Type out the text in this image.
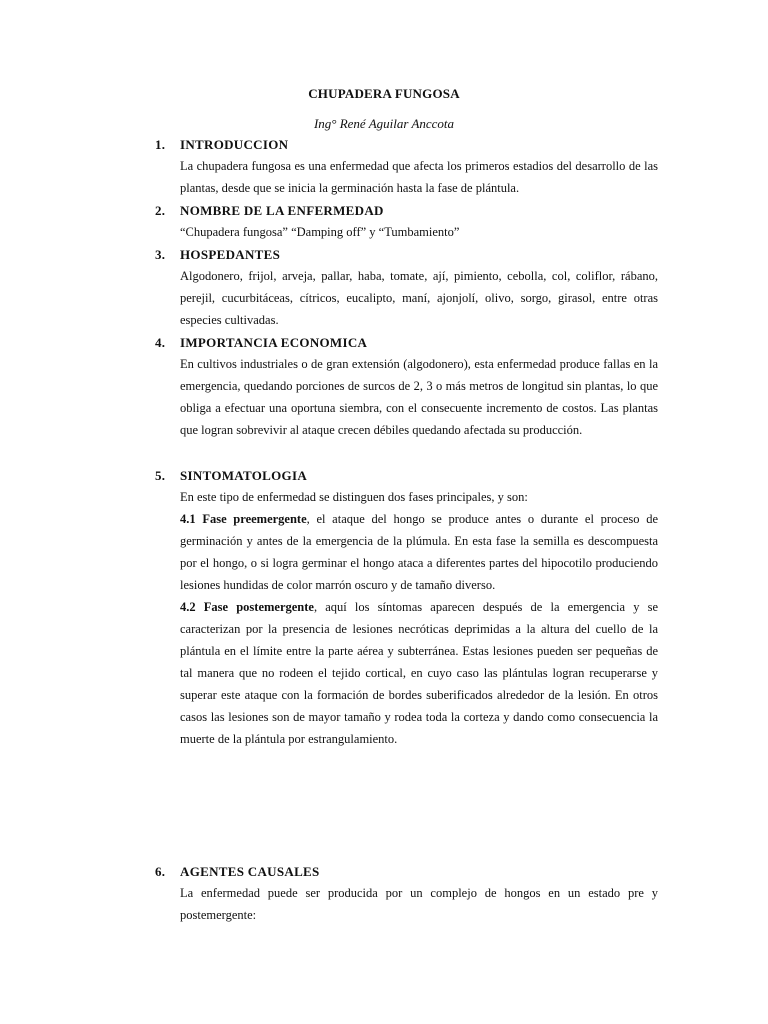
CHUPADERA FUNGOSA
Ing° René Aguilar Anccota
1.	INTRODUCCION

La chupadera fungosa es una enfermedad que afecta los primeros estadios del desarrollo de las plantas, desde que se inicia la germinación hasta la fase de plántula.

2.	NOMBRE DE LA ENFERMEDAD

“Chupadera fungosa” “Damping off” y “Tumbamiento”

3.	HOSPEDANTES

Algodonero, frijol, arveja, pallar, haba, tomate, ají, pimiento, cebolla, col, coliflor, rábano, perejil, cucurbitáceas, cítricos, eucalipto, maní, ajonjolí, olivo, sorgo, girasol, entre otras especies cultivadas.

4.	IMPORTANCIA ECONOMICA

En cultivos industriales o de gran extensión (algodonero), esta enfermedad produce fallas en la emergencia, quedando porciones de surcos de 2, 3 o más metros de longitud sin plantas, lo que obliga a efectuar una oportuna siembra, con el consecuente incremento de costos. Las plantas que logran sobrevivir al ataque crecen débiles quedando afectada su producción.

5.	SINTOMATOLOGIA

En este tipo de enfermedad se distinguen dos fases principales, y son:

4.1 Fase preemergente, el ataque del hongo se produce antes o durante el proceso de germinación y antes de la emergencia de la plúmula. En esta fase la semilla es descompuesta por el hongo, o si logra germinar el hongo ataca a diferentes partes del hipocotilo produciendo lesiones hundidas de color marrón oscuro y de tamaño diverso.

4.2 Fase postemergente, aquí los síntomas aparecen después de la emergencia y se caracterizan por la presencia de lesiones necróticas deprimidas a la altura del cuello de la plántula en el límite entre la parte aérea y subterránea. Estas lesiones pueden ser pequeñas de tal manera que no rodeen el tejido cortical, en cuyo caso las plántulas logran recuperarse y superar este ataque con la formación de bordes suberificados alrededor de la lesión. En otros casos las lesiones son de mayor tamaño y rodea toda la corteza y dando como consecuencia la muerte de la plántula por estrangulamiento.

6.	AGENTES CAUSALES

La enfermedad puede ser producida por un complejo de hongos en un estado pre y postemergente:
